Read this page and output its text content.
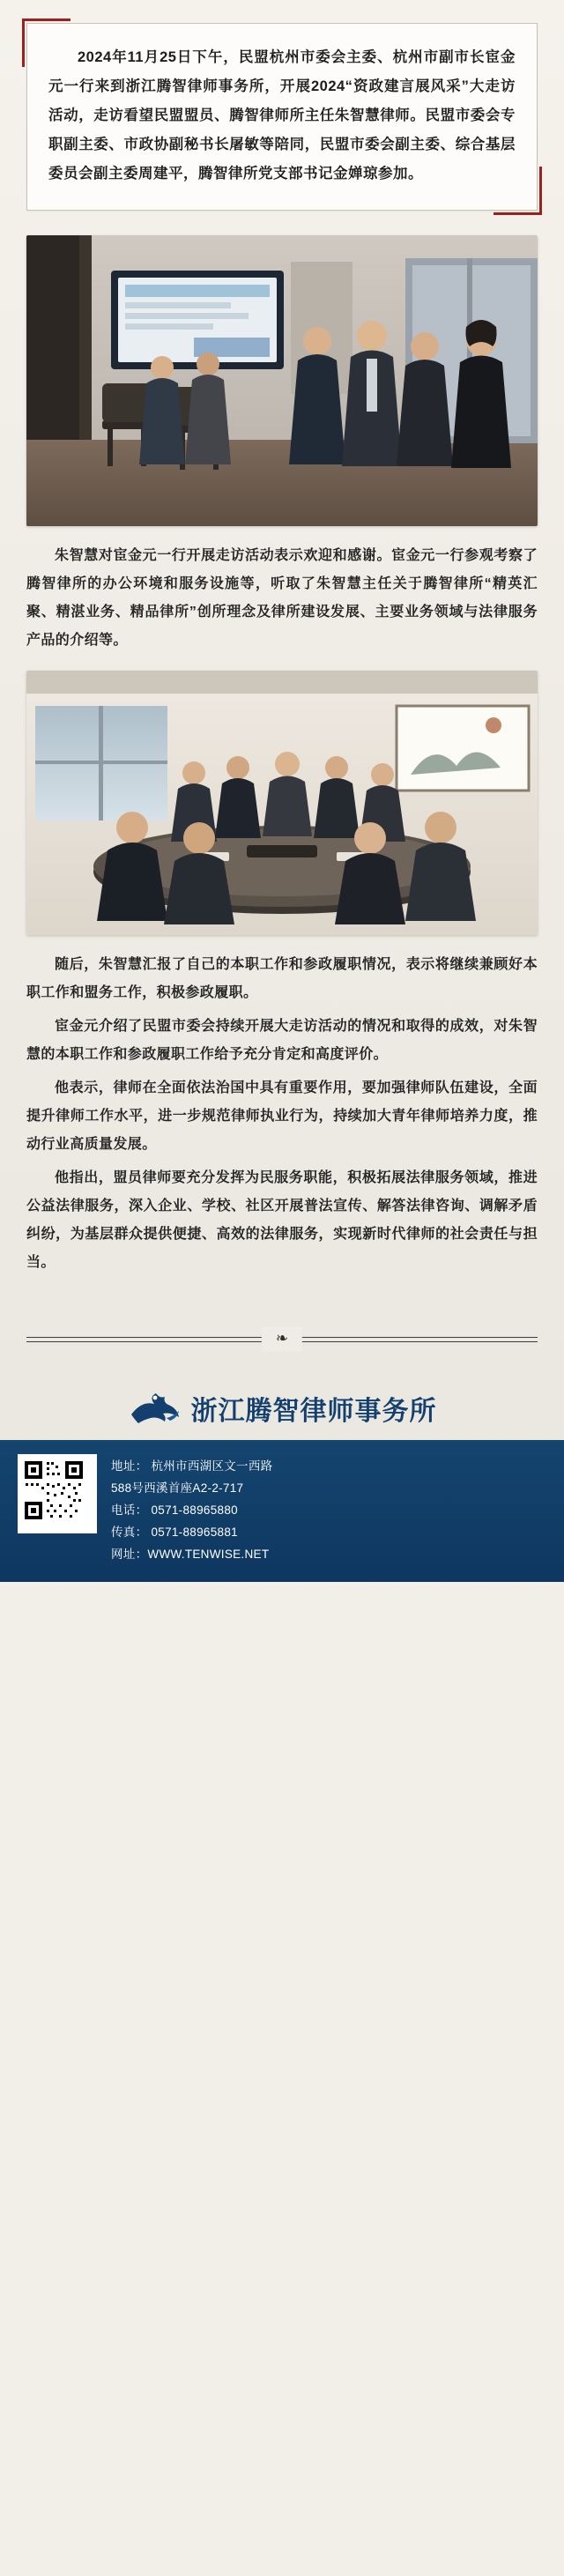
2024年11月25日下午，民盟杭州市委会主委、杭州市副市长宦金元一行来到浙江腾智律师事务所，开展2024“资政建言展风采”大走访活动，走访看望民盟盟员、腾智律师所主任朱智慧律师。民盟市委会专职副主委、市政协副秘书长屠敏等陪同，民盟市委会副主委、综合基层委员会副主委周建平，腾智律所党支部书记金婵琼参加。

朱智慧对宦金元一行开展走访活动表示欢迎和感谢。宦金元一行参观考察了腾智律所的办公环境和服务设施等，听取了朱智慧主任关于腾智律所“精英汇聚、精湛业务、精品律所”创所理念及律所建设发展、主要业务领域与法律服务产品的介绍等。

随后，朱智慧汇报了自己的本职工作和参政履职情况，表示将继续兼顾好本职工作和盟务工作，积极参政履职。

宦金元介绍了民盟市委会持续开展大走访活动的情况和取得的成效，对朱智慧的本职工作和参政履职工作给予充分肯定和高度评价。

他表示，律师在全面依法治国中具有重要作用，要加强律师队伍建设，全面提升律师工作水平，进一步规范律师执业行为，持续加大青年律师培养力度，推动行业高质量发展。

他指出，盟员律师要充分发挥为民服务职能，积极拓展法律服务领域，推进公益法律服务，深入企业、学校、社区开展普法宣传、解答法律咨询、调解矛盾纠纷，为基层群众提供便捷、高效的法律服务，实现新时代律师的社会责任与担当。

❧
浙江腾智律师事务所
地址： 杭州市西湖区文一西路
588号西溪首座A2-2-717
电话： 0571-88965880
传真： 0571-88965881
网址：WWW.TENWISE.NET
